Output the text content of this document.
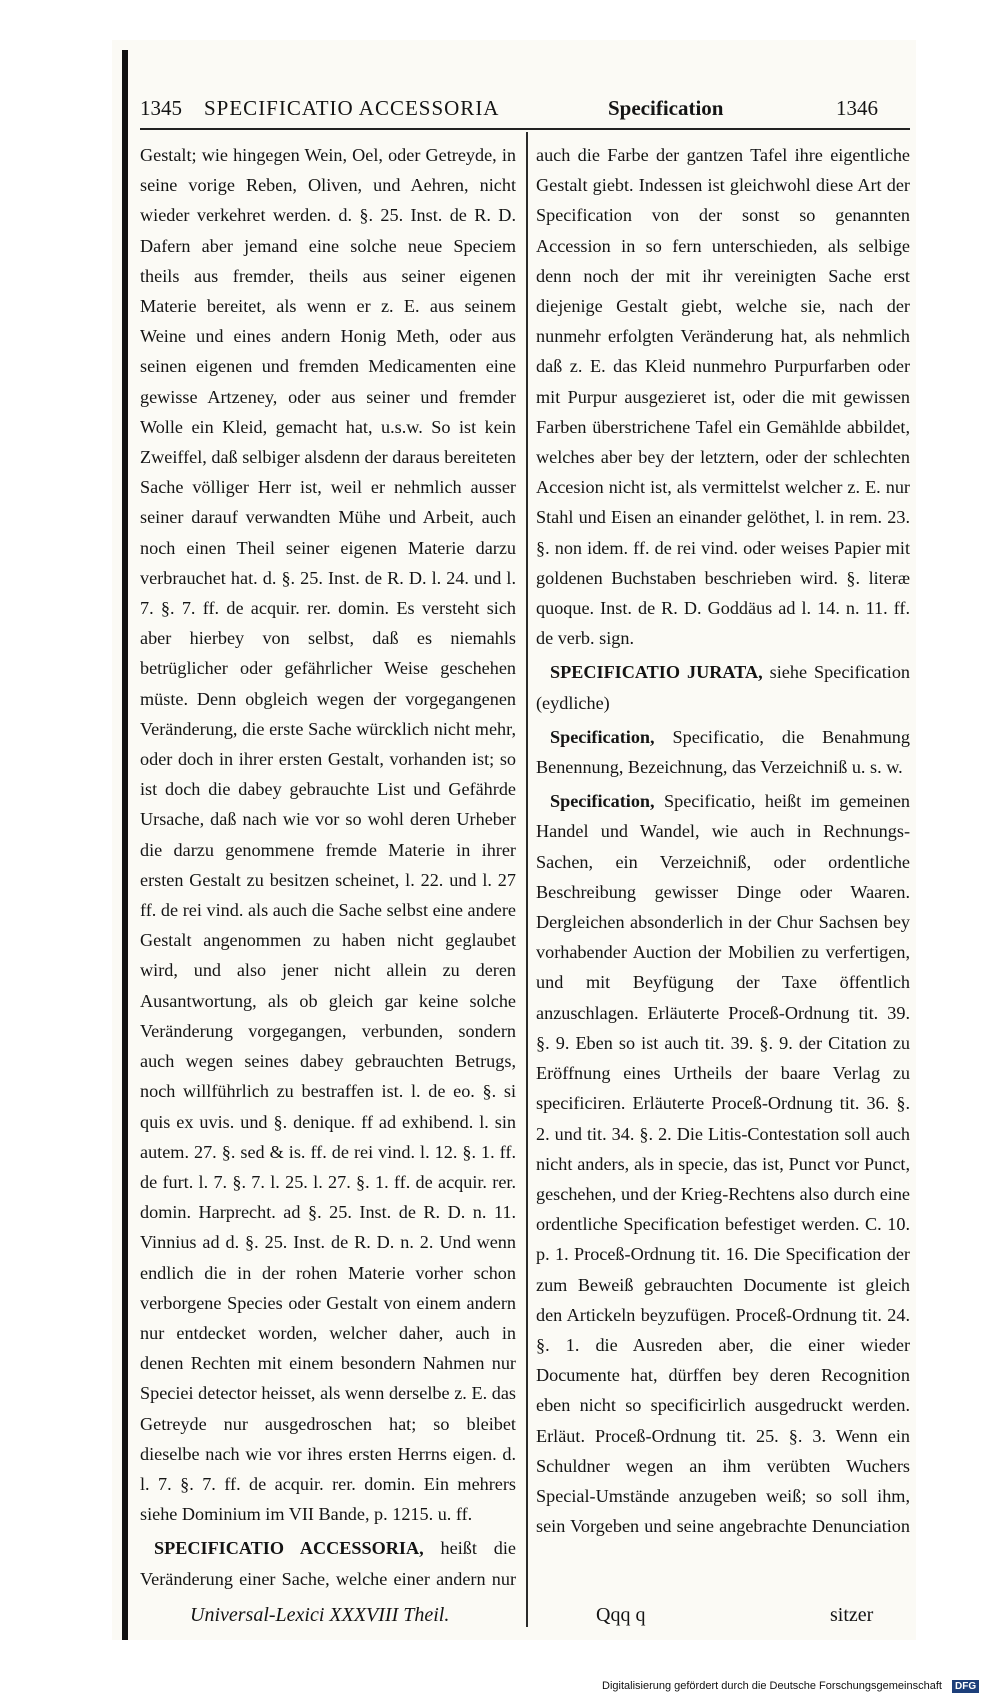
1345 SPECIFICATIO ACCESSORIA	Specification	1346

Gestalt; wie hingegen Wein, Oel, oder Getreyde, in seine vorige Reben, Oliven, und Aehren, nicht wieder verkehret werden. d. §. 25. Inst. de R. D. Dafern aber jemand eine solche neue Speciem theils aus fremder, theils aus seiner eigenen Materie bereitet, als wenn er z. E. aus seinem Weine und eines andern Honig Meth, oder aus seinen eigenen und fremden Medicamenten eine gewisse Artzeney, oder aus seiner und fremder Wolle ein Kleid, gemacht hat, u.s.w. So ist kein Zweiffel, daß selbiger alsdenn der daraus bereiteten Sache völliger Herr ist, weil er nehmlich ausser seiner darauf verwandten Mühe und Arbeit, auch noch einen Theil seiner eigenen Materie darzu verbrauchet hat. d. §. 25. Inst. de R. D. l. 24. und l. 7. §. 7. ff. de acquir. rer. domin. Es versteht sich aber hierbey von selbst, daß es niemahls betrüglicher oder gefährlicher Weise geschehen müste. Denn obgleich wegen der vorgegangenen Veränderung, die erste Sache würcklich nicht mehr, oder doch in ihrer ersten Gestalt, vorhanden ist; so ist doch die dabey gebrauchte List und Gefährde Ursache, daß nach wie vor so wohl deren Urheber die darzu genommene fremde Materie in ihrer ersten Gestalt zu besitzen scheinet, l. 22. und l. 27 ff. de rei vind. als auch die Sache selbst eine andere Gestalt angenommen zu haben nicht geglaubet wird, und also jener nicht allein zu deren Ausantwortung, als ob gleich gar keine solche Veränderung vorgegangen, verbunden, sondern auch wegen seines dabey gebrauchten Betrugs, noch willführlich zu bestraffen ist. l. de eo. §. si quis ex uvis. und §. denique. ff ad exhibend. l. sin autem. 27. §. sed & is. ff. de rei vind. l. 12. §. 1. ff. de furt. l. 7. §. 7. l. 25. l. 27. §. 1. ff. de acquir. rer. domin. Harprecht. ad §. 25. Inst. de R. D. n. 11. Vinnius ad d. §. 25. Inst. de R. D. n. 2. Und wenn endlich die in der rohen Materie vorher schon verborgene Species oder Gestalt von einem andern nur entdecket worden, welcher daher, auch in denen Rechten mit einem besondern Nahmen nur Speciei detector heisset, als wenn derselbe z. E. das Getreyde nur ausgedroschen hat; so bleibet dieselbe nach wie vor ihres ersten Herrns eigen. d. l. 7. §. 7. ff. de acquir. rer. domin. Ein mehrers siehe Dominium im VII Bande, p. 1215. u. ff.

SPECIFICATIO ACCESSORIA, heißt die Veränderung einer Sache, welche einer andern nur

auch die Farbe der gantzen Tafel ihre eigentliche Gestalt giebt. Indessen ist gleichwohl diese Art der Specification von der sonst so genannten Accession in so fern unterschieden, als selbige denn noch der mit ihr vereinigten Sache erst diejenige Gestalt giebt, welche sie, nach der nunmehr erfolgten Veränderung hat, als nehmlich daß z. E. das Kleid nunmehro Purpurfarben oder mit Purpur ausgezieret ist, oder die mit gewissen Farben überstrichene Tafel ein Gemählde abbildet, welches aber bey der letztern, oder der schlechten Accesion nicht ist, als vermittelst welcher z. E. nur Stahl und Eisen an einander gelöthet, l. in rem. 23. §. non idem. ff. de rei vind. oder weises Papier mit goldenen Buchstaben beschrieben wird. §. literæ quoque. Inst. de R. D. Goddäus ad l. 14. n. 11. ff. de verb. sign.

SPECIFICATIO JURATA, siehe Specification (eydliche)

Specification, Specificatio, die Benahmung Benennung, Bezeichnung, das Verzeichniß u. s. w.

Specification, Specificatio, heißt im gemeinen Handel und Wandel, wie auch in Rechnungs-Sachen, ein Verzeichniß, oder ordentliche Beschreibung gewisser Dinge oder Waaren. Dergleichen absonderlich in der Chur Sachsen bey vorhabender Auction der Mobilien zu verfertigen, und mit Beyfügung der Taxe öffentlich anzuschlagen. Erläuterte Proceß-Ordnung tit. 39. §. 9. Eben so ist auch tit. 39. §. 9. der Citation zu Eröffnung eines Urtheils der baare Verlag zu specificiren. Erläuterte Proceß-Ordnung tit. 36. §. 2. und tit. 34. §. 2. Die Litis-Contestation soll auch nicht anders, als in specie, das ist, Punct vor Punct, geschehen, und der Krieg-Rechtens also durch eine ordentliche Specification befestiget werden. C. 10. p. 1. Proceß-Ordnung tit. 16. Die Specification der zum Beweiß gebrauchten Documente ist gleich den Artickeln beyzufügen. Proceß-Ordnung tit. 24. §. 1. die Ausreden aber, die einer wieder Documente hat, dürffen bey deren Recognition eben nicht so specificirlich ausgedruckt werden. Erläut. Proceß-Ordnung tit. 25. §. 3. Wenn ein Schuldner wegen an ihm verübten Wuchers Special-Umstände anzugeben weiß; so soll ihm, sein Vorgeben und seine angebrachte Denunciation

Universal-Lexici XXXVIII Theil.	Qqq q	sitzer
Digitalisierung gefördert durch die Deutsche Forschungsgemeinschaft	DFG
